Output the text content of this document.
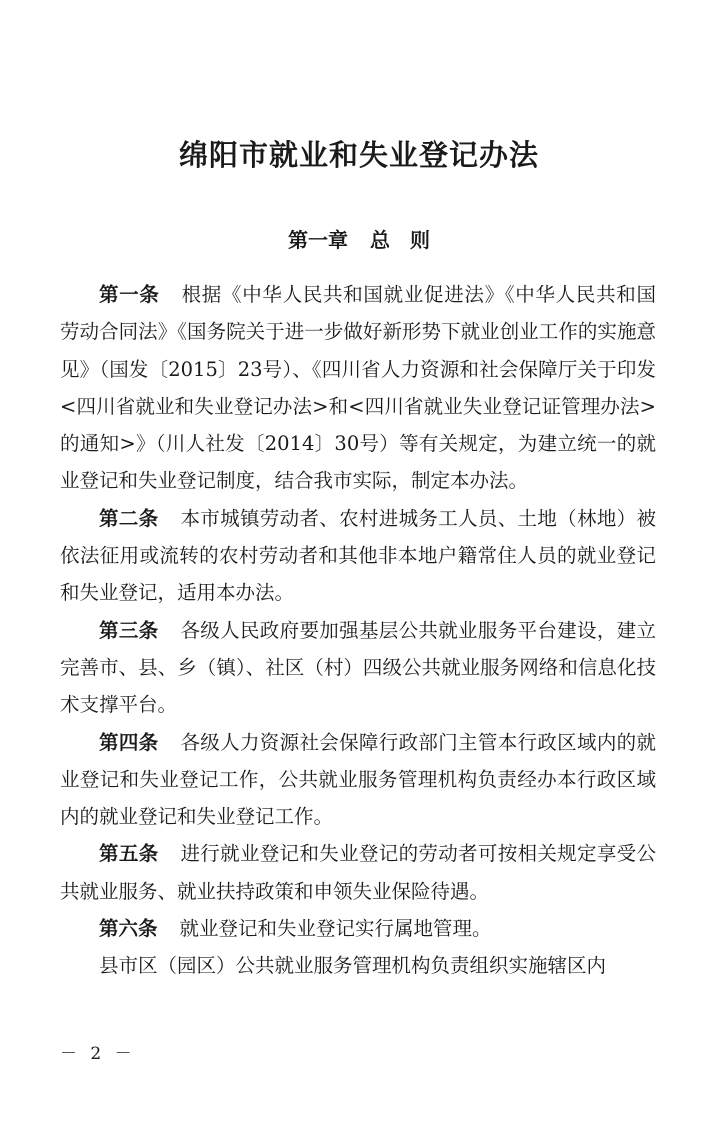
绵阳市就业和失业登记办法
第一章 总　则

第一条 根据《中华人民共和国就业促进法》《中华人民共和国劳动合同法》《国务院关于进一步做好新形势下就业创业工作的实施意见》（国发〔2015〕23号）、《四川省人力资源和社会保障厅关于印发<四川省就业和失业登记办法>和<四川省就业失业登记证管理办法>的通知>》（川人社发〔2014〕30号）等有关规定，为建立统一的就业登记和失业登记制度，结合我市实际，制定本办法。

第二条 本市城镇劳动者、农村进城务工人员、土地（林地）被依法征用或流转的农村劳动者和其他非本地户籍常住人员的就业登记和失业登记，适用本办法。

第三条 各级人民政府要加强基层公共就业服务平台建设，建立完善市、县、乡（镇）、社区（村）四级公共就业服务网络和信息化技术支撑平台。

第四条 各级人力资源社会保障行政部门主管本行政区域内的就业登记和失业登记工作，公共就业服务管理机构负责经办本行政区域内的就业登记和失业登记工作。

第五条 进行就业登记和失业登记的劳动者可按相关规定享受公共就业服务、就业扶持政策和申领失业保险待遇。

第六条 就业登记和失业登记实行属地管理。

县市区（园区）公共就业服务管理机构负责组织实施辖区内

－ 2 －
